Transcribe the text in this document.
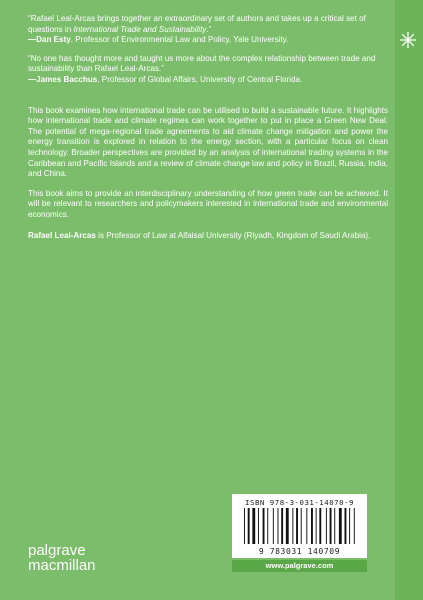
“Rafael Leal-Arcas brings together an extraordinary set of authors and takes up a critical set of questions in International Trade and Sustainability.”
—Dan Esty, Professor of Environmental Law and Policy, Yale University.

“No one has thought more and taught us more about the complex relationship between trade and sustainability than Rafael Leal-Arcas.”
—James Bacchus, Professor of Global Affairs, University of Central Florida.

This book examines how international trade can be utilised to build a sustainable future. It highlights how international trade and climate regimes can work together to put in place a Green New Deal. The potential of mega-regional trade agreements to aid climate change mitigation and power the energy transition is explored in relation to the energy section, with a particular focus on clean technology. Broader perspectives are provided by an analysis of international trading systems in the Caribbean and Pacific Islands and a review of climate change law and policy in Brazil, Russia, India, and China.

This book aims to provide an interdisciplinary understanding of how green trade can be achieved. It will be relevant to researchers and policymakers interested in international trade and environmental economics.

Rafael Leal-Arcas is Professor of Law at Alfaisal University (Riyadh, Kingdom of Saudi Arabia).

ISBN 978-3-031-14070-9
9 783031 140709
www.palgrave.com
palgrave
macmillan
